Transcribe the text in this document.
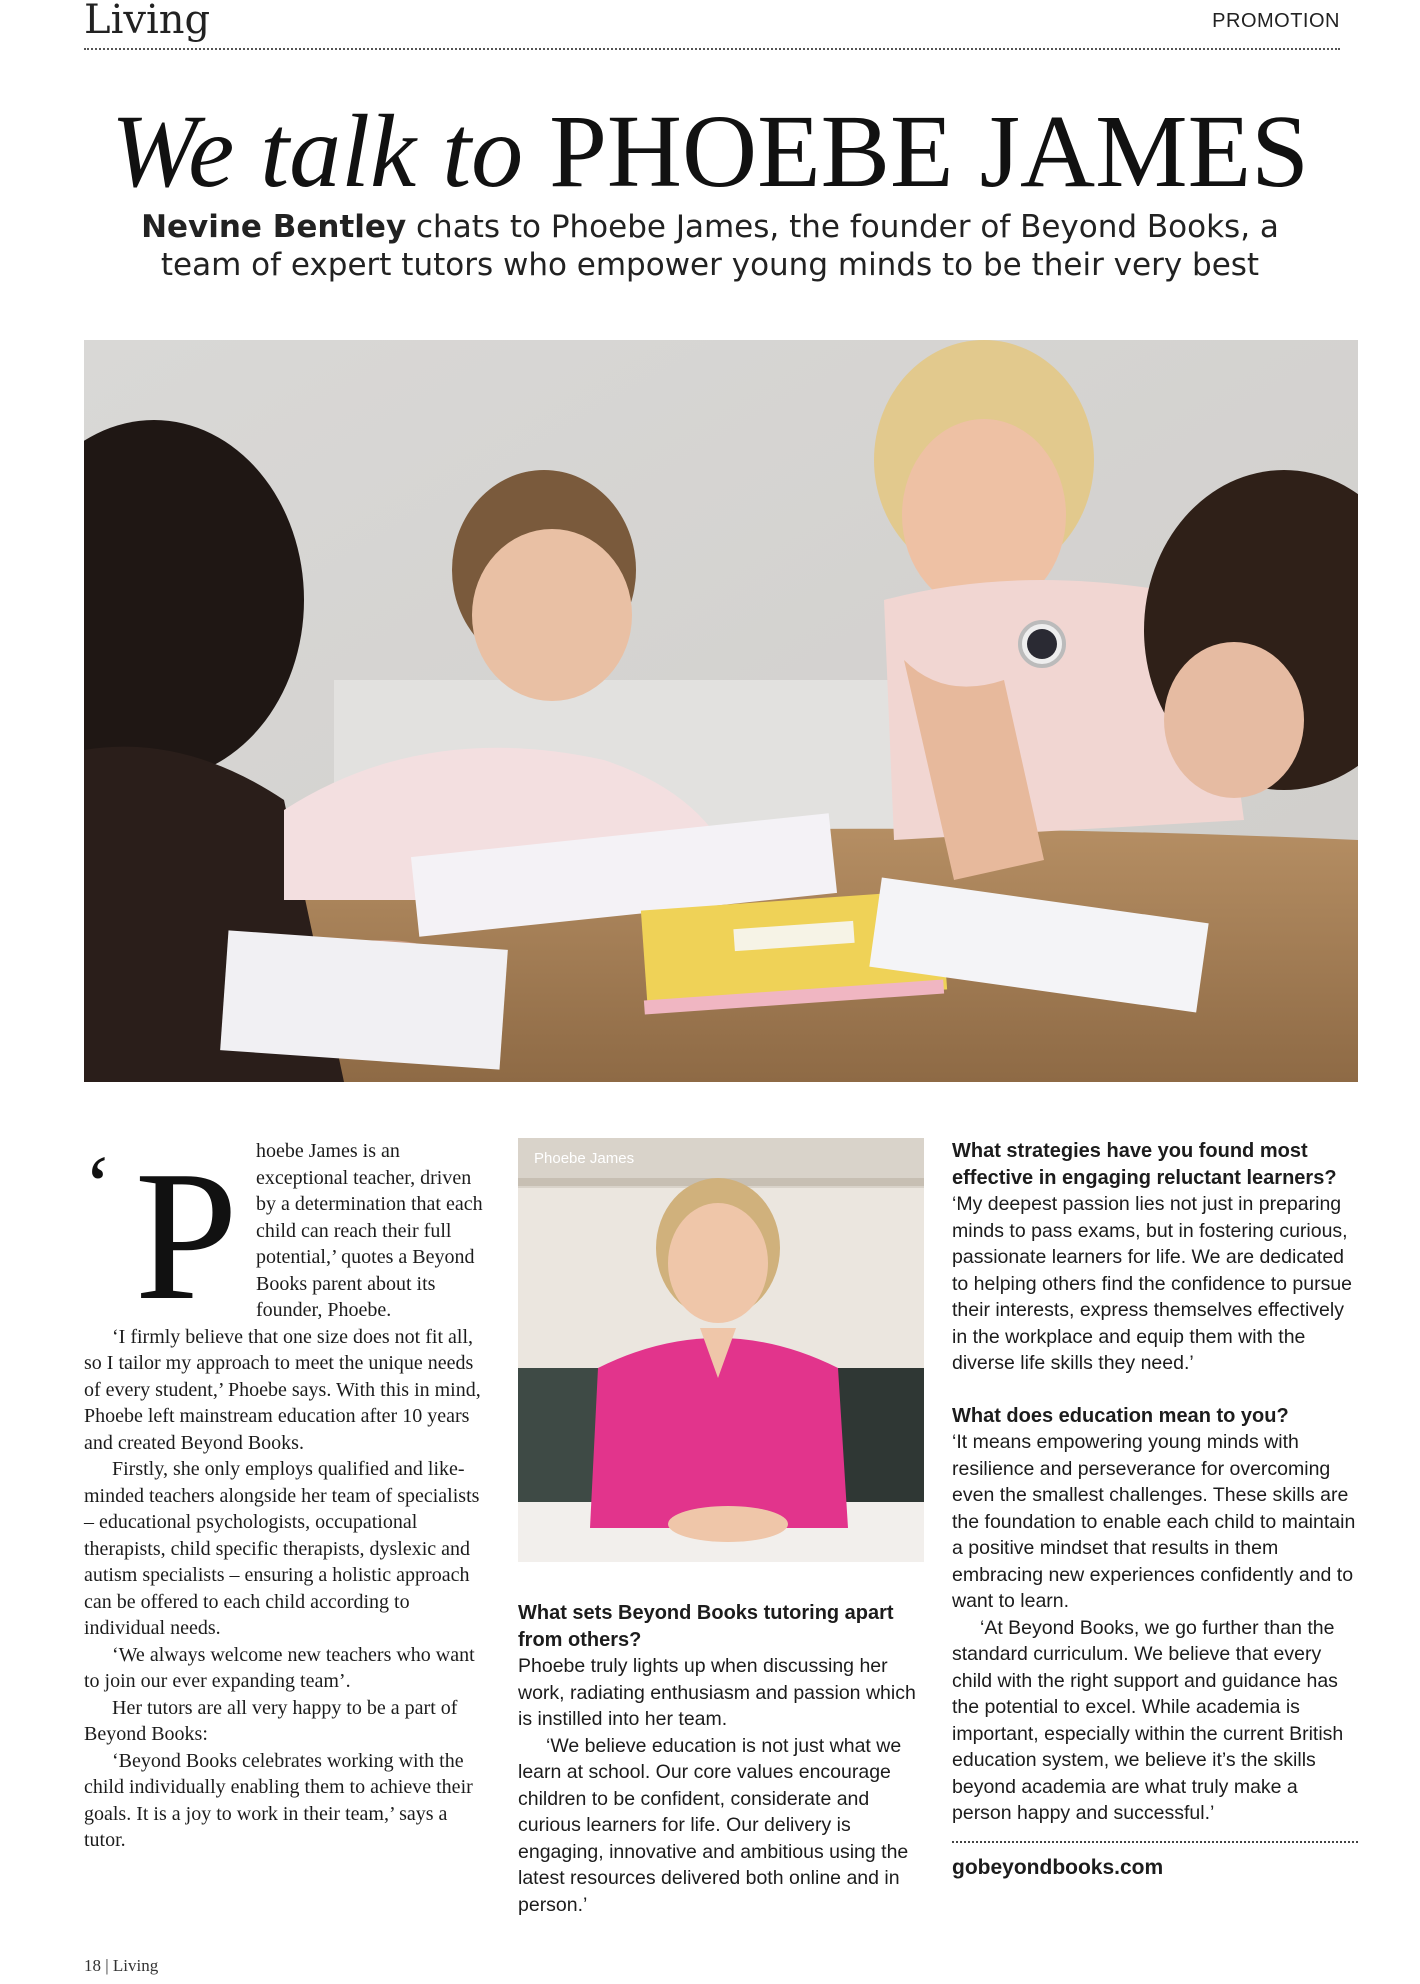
Living	PROMOTION
We talk to PHOEBE JAMES
Nevine Bentley chats to Phoebe James, the founder of Beyond Books, a team of expert tutors who empower young minds to be their very best
‘ P hoebe James is an exceptional teacher, driven by a determination that each child can reach their full potential,’ quotes a Beyond Books parent about its founder, Phoebe.

‘I firmly believe that one size does not fit all, so I tailor my approach to meet the unique needs of every student,’ Phoebe says. With this in mind, Phoebe left mainstream education after 10 years and created Beyond Books.

Firstly, she only employs qualified and like-minded teachers alongside her team of specialists – educational psychologists, occupational therapists, child specific therapists, dyslexic and autism specialists – ensuring a holistic approach can be offered to each child according to individual needs.

‘We always welcome new teachers who want to join our ever expanding team’.

Her tutors are all very happy to be a part of Beyond Books:

‘Beyond Books celebrates working with the child individually enabling them to achieve their goals. It is a joy to work in their team,’ says a tutor.

Phoebe James

What sets Beyond Books tutoring apart from others?

Phoebe truly lights up when discussing her work, radiating enthusiasm and passion which is instilled into her team.

‘We believe education is not just what we learn at school. Our core values encourage children to be confident, considerate and curious learners for life. Our delivery is engaging, innovative and ambitious using the latest resources delivered both online and in person.’

What strategies have you found most effective in engaging reluctant learners?

‘My deepest passion lies not just in preparing minds to pass exams, but in fostering curious, passionate learners for life. We are dedicated to helping others find the confidence to pursue their interests, express themselves effectively in the workplace and equip them with the diverse life skills they need.’

What does education mean to you?

‘It means empowering young minds with resilience and perseverance for overcoming even the smallest challenges. These skills are the foundation to enable each child to maintain a positive mindset that results in them embracing new experiences confidently and to want to learn.

‘At Beyond Books, we go further than the standard curriculum. We believe that every child with the right support and guidance has the potential to excel. While academia is important, especially within the current British education system, we believe it’s the skills beyond academia are what truly make a person happy and successful.’

gobeyondbooks.com
18 | Living
